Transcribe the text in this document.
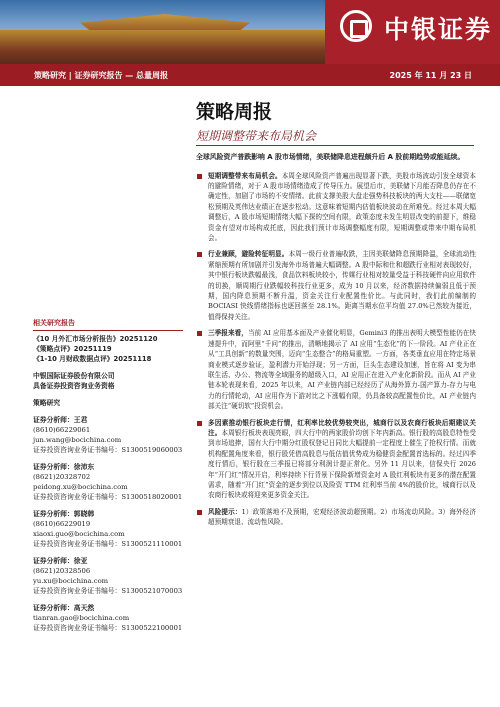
中银证券
策略研究 | 证券研究报告 — 总量周报	2025 年 11 月 23 日
策略周报
短期调整带来布局机会
全球风险资产普跌影响 A 股市场情绪，美联储降息进程颇升后 A 股前期趋势或能延续。
短期调整带来布局机会。本周全球风险资产普遍出现显著下跌，美股市场波动引发全球资本的避险情绪，对于 A 股市场情绪造成了传导压力。展望后市，美联储下月能否降息仍存在不确定性，加剧了市场的不安情绪。此前支撑美股大盘走强势科技板块的两大支柱——联储宽松预期及英伟达业绩正在逐步松动。这意味着短期内估值板块波动在所难免。经过本周大幅调整后，A 股市场短期情绪大幅下探的空间有限，政策态度未发生明显改变的前提下，维稳资金有望对市场构成托底，因此我们预计市场调整幅度有限，短期调整或带来中期布局机会。
行业兼顾，避险转征明显。本周一级行业普遍收跌，主因美联储降息预期降温，全球流动性紧缩预期有所加剧并引发海外市场普遍大幅调整。A 股中际和仕和超跌行业相对表现较好，其中银行板块跌幅最浅，食品饮料板块较小，传媒行业相对较量受益于科技硬件向应用软件的切换，顺周期行业跌幅较科技行业更多，成为 10 月以来，经济数据持续偏弱且低于预期，国内降息预期不断升温，资金关注行业配置性价比。与此同时，我们此前编制的 BOCIASI 快线情绪指标也逐回落至 28.1%。距离当期水位平均值 27.0%已然较为接近，值得保持关注。
三季报来看，当前 AI 应用基本面及产业催化明显，Gemini3 的推出表明大模型性能仍在快速提升中，而阿里“千问”的推出，清晰地揭示了 AI 应用“生态化”的下一阶段。AI 产业正在从“工具创新”的数量突围，迈向“生态整合”的格局重塑。一方面，各类垂直应用在特定场景商业模式逐步验证，盈利潜力开始浮现；另一方面，巨头生态建设加速，旨在将 AI 变为串联生活、办公、物流等全域服务的超级入口，AI 应用正在进入产业化新阶段。而从 AI 产业链本轮表现来看，2025 年以来，AI 产业链内部已经经历了从海外算力-国产算力-存力与电力的行情轮动，AI 应用作为下游对比之下涨幅有限，仍具备较高配置性价比，AI 产业链内部关注“硬切软”投资机会。
多因素推动银行板块走行情，红利率比较优势较突出，城商行以及农商行板块后期建议关注。本周银行板块表现亮眼，四大行中的两家股价均创下年内新高。银行股的高股息特性受到市场追捧，国有大行中期分红股权登记日同比大幅提前一定程度上催生了抢权行情。而就机构配置角度来看，银行股凭借高股息与低估值优势成为稳健资金配置首选标的。经过四季度行情后，银行股在三季报已将部分利润计提正常化。另外 11 月以来，信保央行 2026 年“开门红”情况开启，利率持续下行背景下保险新增资金对 A 股红利板块有更多的潜在配置需求，随着“开门红”资金的逐步到位以及险资 TTM 红利率当前 4%的股价比，城商行以及农商行板块或将迎来更多资金关注。
风险提示：1）政策落地不及预期，宏观经济波动超预期。2）市场流动风险。3）海外经济超预期衰退、流动性风险。
相关研究报告
《10 月外汇市场分析报告》20251120
《策略点评》20251119
《1-10 月财政数据点评》20251118
中银国际证券股份有限公司
具备证券投资咨询业务资格
策略研究
证券分析师：王君
(8610)66229061
jun.wang@bocichina.com
证券投资咨询业务证书编号：S1300519060003
证券分析师：徐沛东
(8621)20328702
peidong.xu@bocichina.com
证券投资咨询业务证书编号：S1300518020001
证券分析师：郭晓韩
(8610)66229019
xiaoxi.guo@bocichina.com
证券投资咨询业务证书编号：S1300521110001
证券分析师：徐亚
(8621)20328506
yu.xu@bocichina.com
证券投资咨询业务证书编号：S1300521070003
证券分析师：高天然
tianran.gao@bocichina.com
证券投资咨询业务证书编号：S1300522100001
